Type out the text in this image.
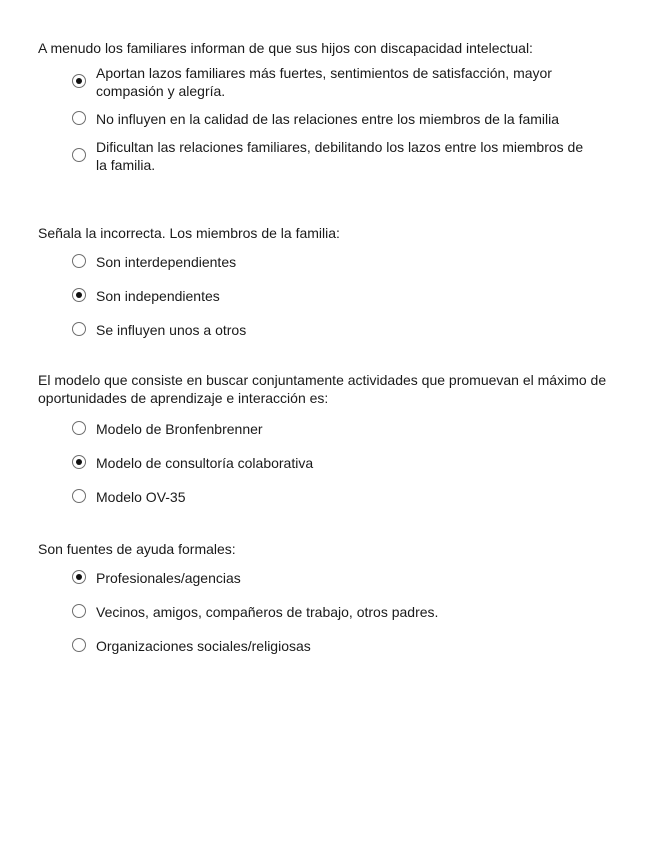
A menudo los familiares informan de que sus hijos con discapacidad intelectual:

Aportan lazos familiares más fuertes, sentimientos de satisfacción, mayor compasión y alegría.
No influyen en la calidad de las relaciones entre los miembros de la familia
Dificultan las relaciones familiares, debilitando los lazos entre los miembros de la familia.

Señala la incorrecta. Los miembros de la familia:

Son interdependientes
Son independientes
Se influyen unos a otros

El modelo que consiste en buscar conjuntamente actividades que promuevan el máximo de oportunidades de aprendizaje e interacción es:

Modelo de Bronfenbrenner
Modelo de consultoría colaborativa
Modelo OV-35

Son fuentes de ayuda formales:

Profesionales/agencias
Vecinos, amigos, compañeros de trabajo, otros padres.
Organizaciones sociales/religiosas
